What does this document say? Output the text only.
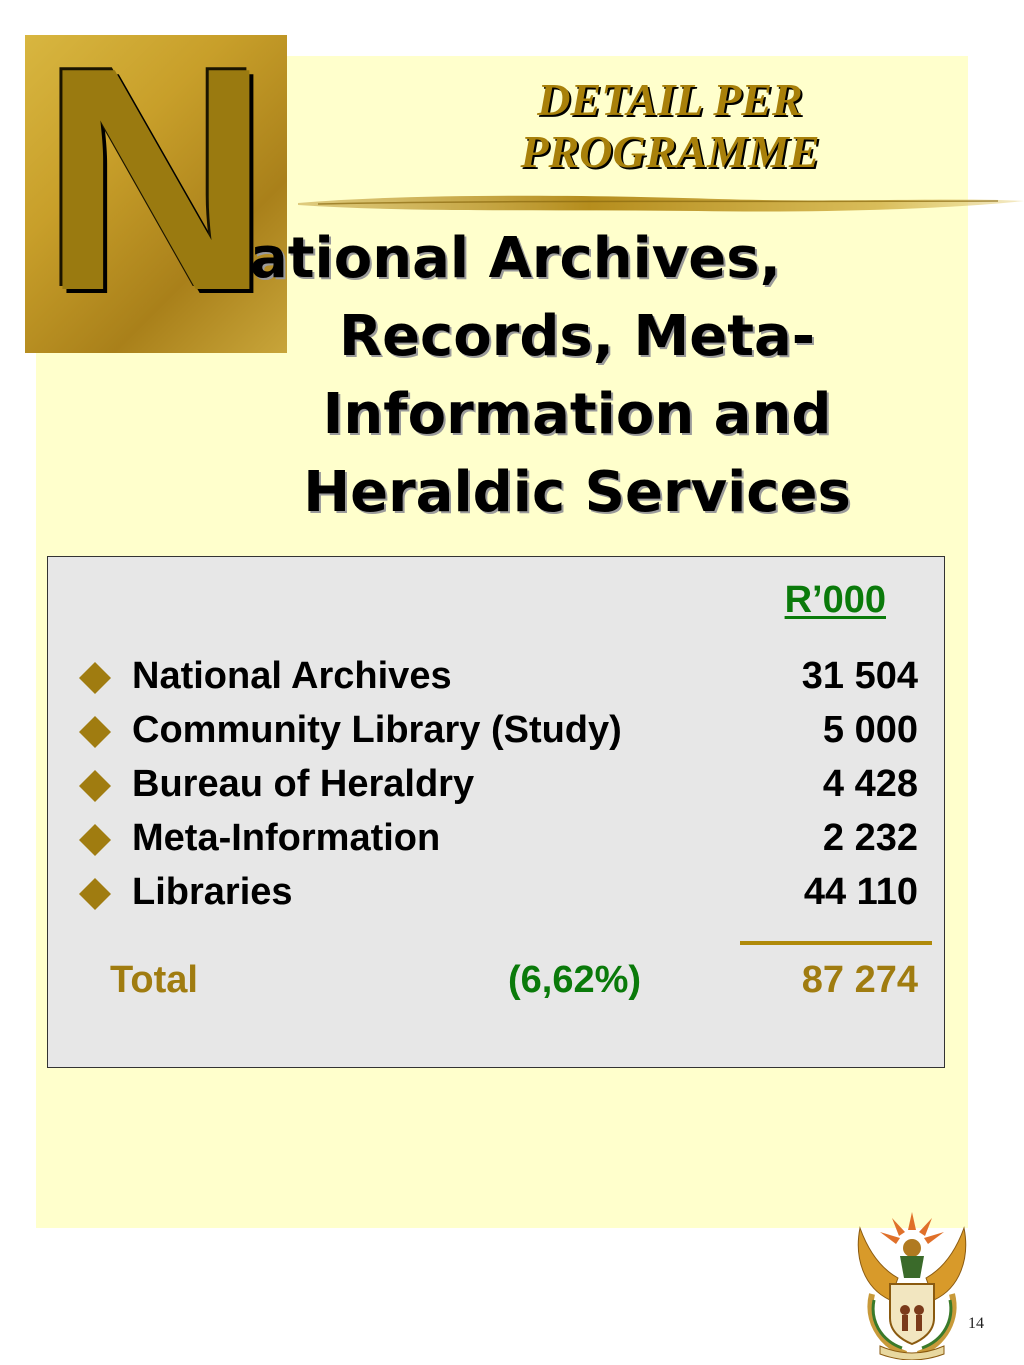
N	DETAIL PER
PROGRAMME
ational Archives,
Records, Meta-
Information and
Heraldic Services
R’000
National Archives	31 504
Community Library (Study)	5 000
Bureau of Heraldry	4 428
Meta-Information	2 232
Libraries	44 110
Total	(6,62%)	87 274
14
